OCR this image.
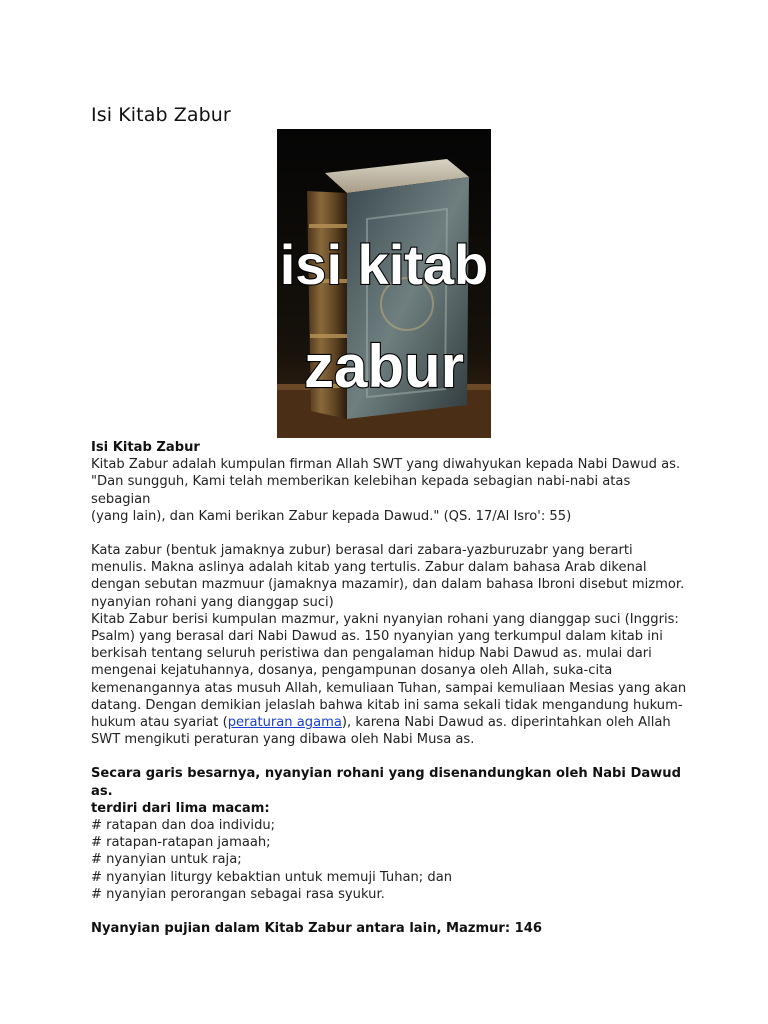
Isi Kitab Zabur
isi kitab
zabur

Isi Kitab Zabur

Kitab Zabur adalah kumpulan firman Allah SWT yang diwahyukan kepada Nabi Dawud as.

"Dan sungguh, Kami telah memberikan kelebihan kepada sebagian nabi-nabi atas sebagian

(yang lain), dan Kami berikan Zabur kepada Dawud." (QS. 17/Al Isro': 55)

Kata zabur (bentuk jamaknya zubur) berasal dari zabara-yazburuzabr yang berarti

menulis. Makna aslinya adalah kitab yang tertulis. Zabur dalam bahasa Arab dikenal

dengan sebutan mazmuur (jamaknya mazamir), dan dalam bahasa Ibroni disebut mizmor.

nyanyian rohani yang dianggap suci)

Kitab Zabur berisi kumpulan mazmur, yakni nyanyian rohani yang dianggap suci (Inggris:

Psalm) yang berasal dari Nabi Dawud as. 150 nyanyian yang terkumpul dalam kitab ini

berkisah tentang seluruh peristiwa dan pengalaman hidup Nabi Dawud as. mulai dari

mengenai kejatuhannya, dosanya, pengampunan dosanya oleh Allah, suka-cita

kemenangannya atas musuh Allah, kemuliaan Tuhan, sampai kemuliaan Mesias yang akan

datang. Dengan demikian jelaslah bahwa kitab ini sama sekali tidak mengandung hukum-

hukum atau syariat (peraturan agama), karena Nabi Dawud as. diperintahkan oleh Allah

SWT mengikuti peraturan yang dibawa oleh Nabi Musa as.

Secara garis besarnya, nyanyian rohani yang disenandungkan oleh Nabi Dawud as.

terdiri dari lima macam:

# ratapan dan doa individu;

# ratapan-ratapan jamaah;

# nyanyian untuk raja;

# nyanyian liturgy kebaktian untuk memuji Tuhan; dan

# nyanyian perorangan sebagai rasa syukur.

Nyanyian pujian dalam Kitab Zabur antara lain, Mazmur: 146
